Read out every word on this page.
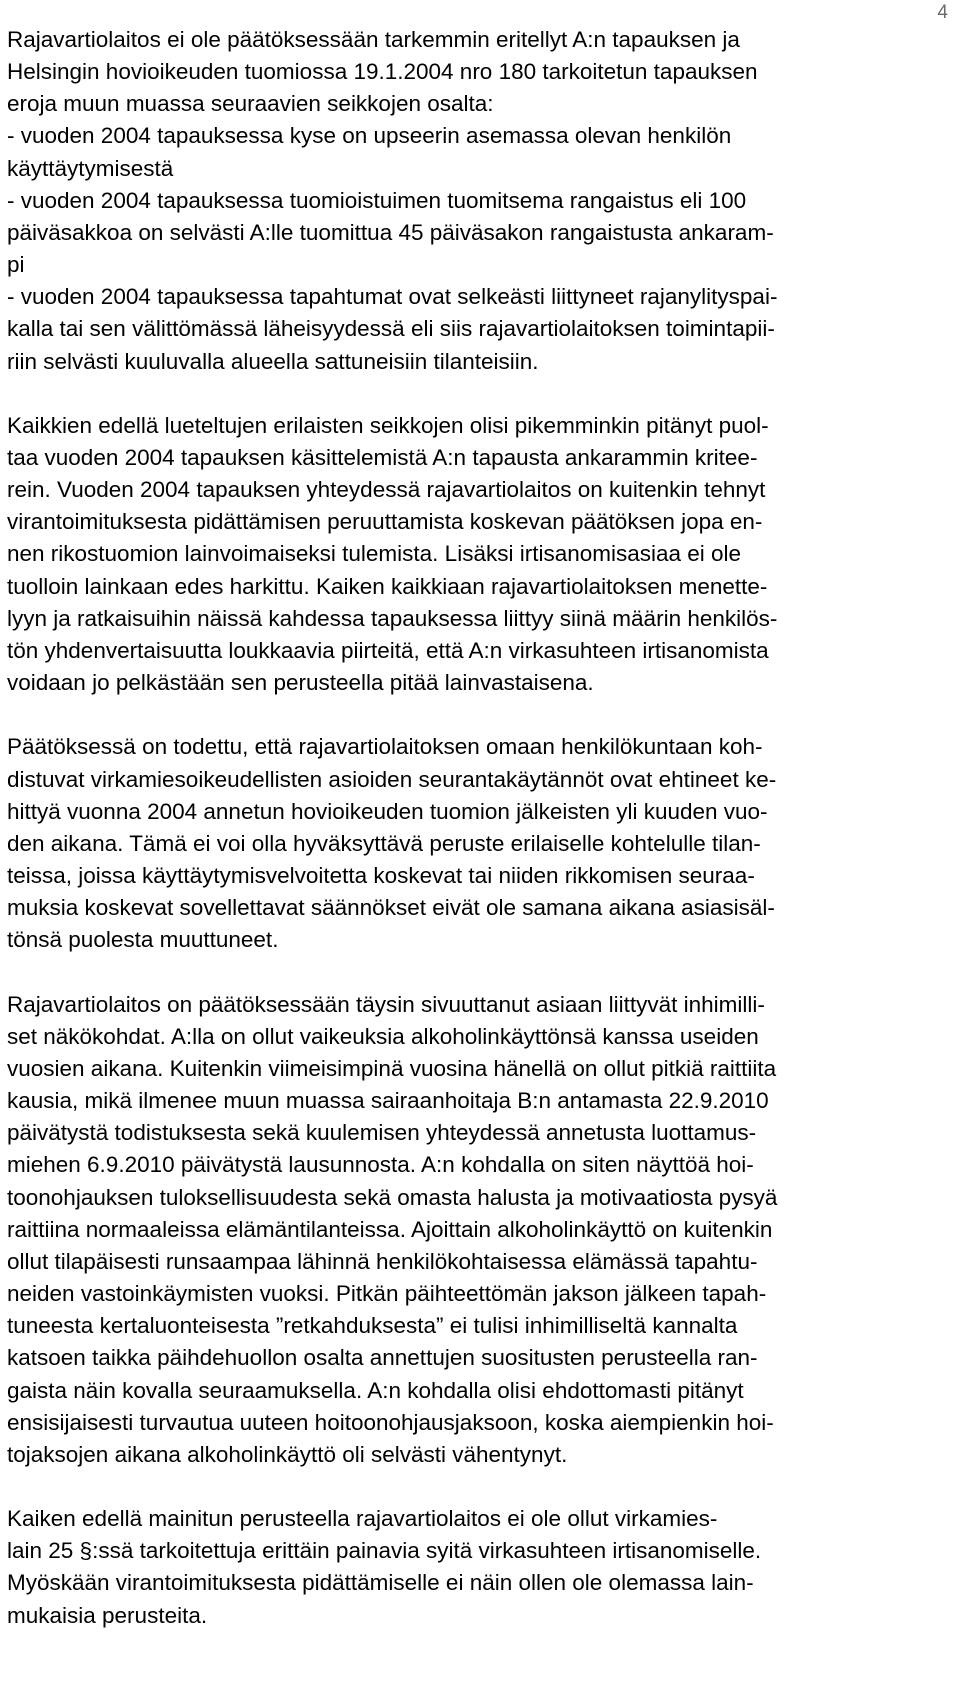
4
Rajavartiolaitos ei ole päätöksessään tarkemmin eritellyt A:n tapauksen ja
Helsingin hovioikeuden tuomiossa 19.1.2004 nro 180 tarkoitetun tapauksen
eroja muun muassa seuraavien seikkojen osalta:
- vuoden 2004 tapauksessa kyse on upseerin asemassa olevan henkilön
käyttäytymisestä
- vuoden 2004 tapauksessa tuomioistuimen tuomitsema rangaistus eli 100
päiväsakkoa on selvästi A:lle tuomittua 45 päiväsakon rangaistusta ankaram-
pi
- vuoden 2004 tapauksessa tapahtumat ovat selkeästi liittyneet rajanylityspai-
kalla tai sen välittömässä läheisyydessä eli siis rajavartiolaitoksen toimintapii-
riin selvästi kuuluvalla alueella sattuneisiin tilanteisiin.
Kaikkien edellä lueteltujen erilaisten seikkojen olisi pikemminkin pitänyt puol-
taa vuoden 2004 tapauksen käsittelemistä A:n tapausta ankarammin kritee-
rein. Vuoden 2004 tapauksen yhteydessä rajavartiolaitos on kuitenkin tehnyt
virantoimituksesta pidättämisen peruuttamista koskevan päätöksen jopa en-
nen rikostuomion lainvoimaiseksi tulemista. Lisäksi irtisanomisasiaa ei ole
tuolloin lainkaan edes harkittu. Kaiken kaikkiaan rajavartiolaitoksen menette-
lyyn ja ratkaisuihin näissä kahdessa tapauksessa liittyy siinä määrin henkilös-
tön yhdenvertaisuutta loukkaavia piirteitä, että A:n virkasuhteen irtisanomista
voidaan jo pelkästään sen perusteella pitää lainvastaisena.
Päätöksessä on todettu, että rajavartiolaitoksen omaan henkilökuntaan koh-
distuvat virkamiesoikeudellisten asioiden seurantakäytännöt ovat ehtineet ke-
hittyä vuonna 2004 annetun hovioikeuden tuomion jälkeisten yli kuuden vuo-
den aikana. Tämä ei voi olla hyväksyttävä peruste erilaiselle kohtelulle tilan-
teissa, joissa käyttäytymisvelvoitetta koskevat tai niiden rikkomisen seuraa-
muksia koskevat sovellettavat säännökset eivät ole samana aikana asiasisäl-
tönsä puolesta muuttuneet.
Rajavartiolaitos on päätöksessään täysin sivuuttanut asiaan liittyvät inhimilli-
set näkökohdat. A:lla on ollut vaikeuksia alkoholinkäyttönsä kanssa useiden
vuosien aikana. Kuitenkin viimeisimpinä vuosina hänellä on ollut pitkiä raittiita
kausia, mikä ilmenee muun muassa sairaanhoitaja B:n antamasta 22.9.2010
päivätystä todistuksesta sekä kuulemisen yhteydessä annetusta luottamus-
miehen 6.9.2010 päivätystä lausunnosta. A:n kohdalla on siten näyttöä hoi-
toonohjauksen tuloksellisuudesta sekä omasta halusta ja motivaatiosta pysyä
raittiina normaaleissa elämäntilanteissa. Ajoittain alkoholinkäyttö on kuitenkin
ollut tilapäisesti runsaampaa lähinnä henkilökohtaisessa elämässä tapahtu-
neiden vastoinkäymisten vuoksi. Pitkän päihteettömän jakson jälkeen tapah-
tuneesta kertaluonteisesta ”retkahduksesta” ei tulisi inhimilliseltä kannalta
katsoen taikka päihdehuollon osalta annettujen suositusten perusteella ran-
gaista näin kovalla seuraamuksella. A:n kohdalla olisi ehdottomasti pitänyt
ensisijaisesti turvautua uuteen hoitoonohjausjaksoon, koska aiempienkin hoi-
tojaksojen aikana alkoholinkäyttö oli selvästi vähentynyt.
Kaiken edellä mainitun perusteella rajavartiolaitos ei ole ollut virkamies-
lain 25 §:ssä tarkoitettuja erittäin painavia syitä virkasuhteen irtisanomiselle.
Myöskään virantoimituksesta pidättämiselle ei näin ollen ole olemassa lain-
mukaisia perusteita.
